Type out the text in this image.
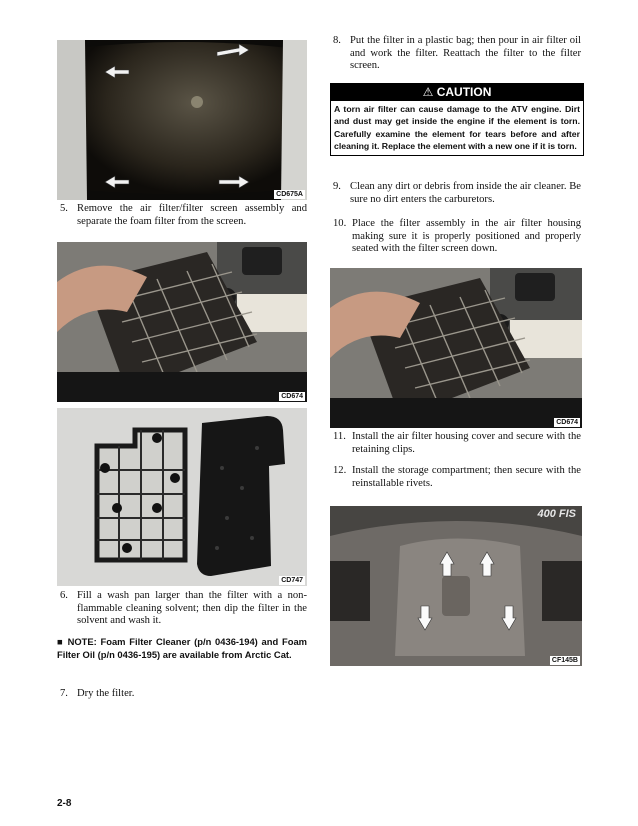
CD675A
5. Remove the air filter/filter screen assembly and separate the foam filter from the screen.
CD674
CD747
6. Fill a wash pan larger than the filter with a non-flammable cleaning solvent; then dip the filter in the solvent and wash it.
■ NOTE: Foam Filter Cleaner (p/n 0436-194) and Foam Filter Oil (p/n 0436-195) are available from Arctic Cat.
7. Dry the filter.
8. Put the filter in a plastic bag; then pour in air filter oil and work the filter. Reattach the filter to the filter screen.
⚠ CAUTION
A torn air filter can cause damage to the ATV engine. Dirt and dust may get inside the engine if the element is torn. Carefully examine the element for tears before and after cleaning it. Replace the element with a new one if it is torn.
9. Clean any dirt or debris from inside the air cleaner. Be sure no dirt enters the carburetors.
10. Place the filter assembly in the air filter housing making sure it is properly positioned and properly seated with the filter screen down.
CD674
11. Install the air filter housing cover and secure with the retaining clips.
12. Install the storage compartment; then secure with the reinstallable rivets.
400 FIS
CF145B
2-8
